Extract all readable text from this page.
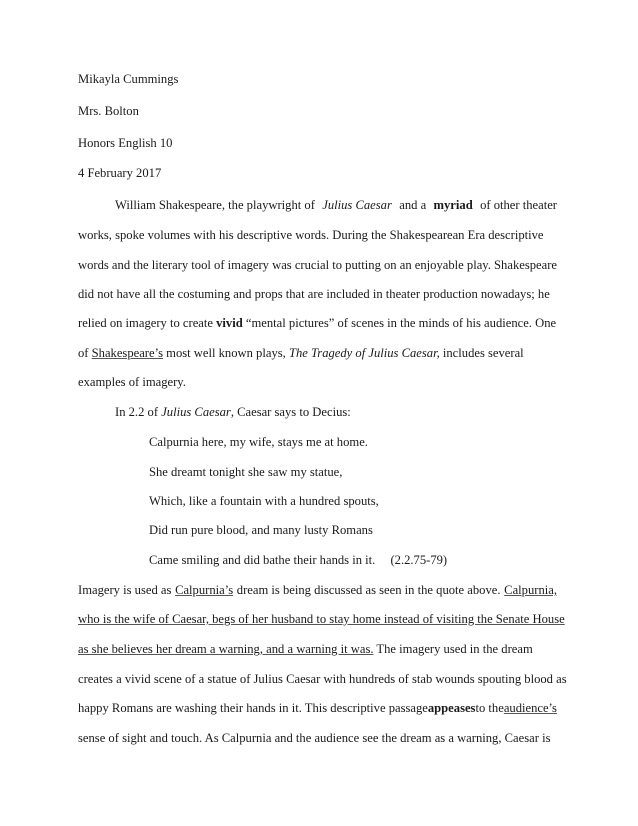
Mikayla Cummings
Mrs. Bolton
Honors English 10
4 February 2017
William Shakespeare, the playwright of Julius Caesar and a myriad of other theater
works, spoke volumes with his descriptive words. During the Shakespearean Era descriptive
words and the literary tool of imagery was crucial to putting on an enjoyable play. Shakespeare
did not have all the costuming and props that are included in theater production nowadays; he
relied on imagery to create vivid “mental pictures” of scenes in the minds of his audience. One
of Shakespeare’s most well known plays, The Tragedy of Julius Caesar, includes several
examples of imagery.
In 2.2 of Julius Caesar, Caesar says to Decius:
Calpurnia here, my wife, stays me at home.
She dreamt tonight she saw my statue,
Which, like a fountain with a hundred spouts,
Did run pure blood, and many lusty Romans
Came smiling and did bathe their hands in it. (2.2.75-79)
Imagery is used as Calpurnia’s dream is being discussed as seen in the quote above. Calpurnia,
who is the wife of Caesar, begs of her husband to stay home instead of visiting the Senate House
as she believes her dream a warning, and a warning it was. The imagery used in the dream
creates a vivid scene of a statue of Julius Caesar with hundreds of stab wounds spouting blood as
happy Romans are washing their hands in it. This descriptive passage appeases to the audience’s
sense of sight and touch. As Calpurnia and the audience see the dream as a warning, Caesar is
